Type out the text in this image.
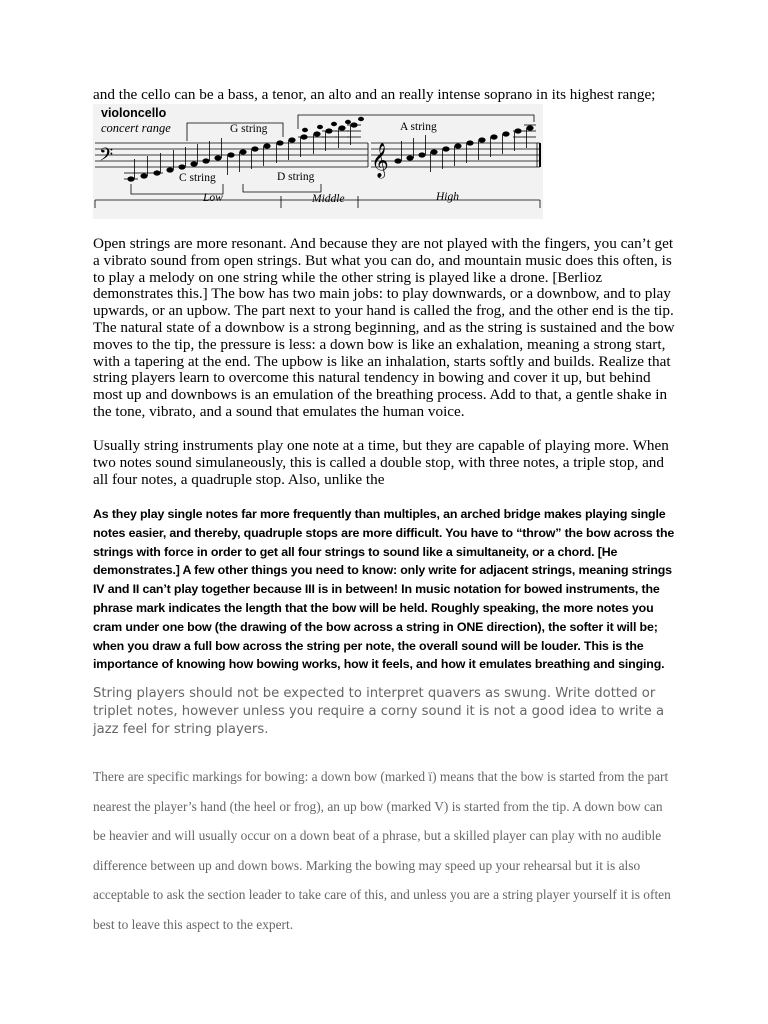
and the cello can be a bass, a tenor, an alto and an really intense soprano in its highest range;

𝄢	𝄞
violoncello
concert range	G string	A string
C string	D string
Low	Middle	High

Open strings are more resonant. And because they are not played with the fingers, you can’t get a vibrato sound from open strings. But what you can do, and mountain music does this often, is to play a melody on one string while the other string is played like a drone. [Berlioz demonstrates this.] The bow has two main jobs: to play downwards, or a downbow, and to play upwards, or an upbow. The part next to your hand is called the frog, and the other end is the tip. The natural state of a downbow is a strong beginning, and as the string is sustained and the bow moves to the tip, the pressure is less: a down bow is like an exhalation, meaning a strong start, with a tapering at the end. The upbow is like an inhalation, starts softly and builds. Realize that string players learn to overcome this natural tendency in bowing and cover it up, but behind most up and downbows is an emulation of the breathing process. Add to that, a gentle shake in the tone, vibrato, and a sound that emulates the human voice.

Usually string instruments play one note at a time, but they are capable of playing more. When two notes sound simulaneously, this is called a double stop, with three notes, a triple stop, and all four notes, a quadruple stop. Also, unlike the

As they play single notes far more frequently than multiples, an arched bridge makes playing single notes easier, and thereby, quadruple stops are more difficult. You have to “throw” the bow across the strings with force in order to get all four strings to sound like a simultaneity, or a chord. [He demonstrates.] A few other things you need to know: only write for adjacent strings, meaning strings IV and II can’t play together because III is in between! In music notation for bowed instruments, the phrase mark indicates the length that the bow will be held. Roughly speaking, the more notes you cram under one bow (the drawing of the bow across a string in ONE direction), the softer it will be; when you draw a full bow across the string per note, the overall sound will be louder. This is the importance of knowing how bowing works, how it feels, and how it emulates breathing and singing.

String players should not be expected to interpret quavers as swung. Write dotted or triplet notes, however unless you require a corny sound it is not a good idea to write a jazz feel for string players.

There are specific markings for bowing: a down bow (marked ï) means that the bow is started from the part nearest the player’s hand (the heel or frog), an up bow (marked V) is started from the tip. A down bow can be heavier and will usually occur on a down beat of a phrase, but a skilled player can play with no audible difference between up and down bows. Marking the bowing may speed up your rehearsal but it is also acceptable to ask the section leader to take care of this, and unless you are a string player yourself it is often best to leave this aspect to the expert.
